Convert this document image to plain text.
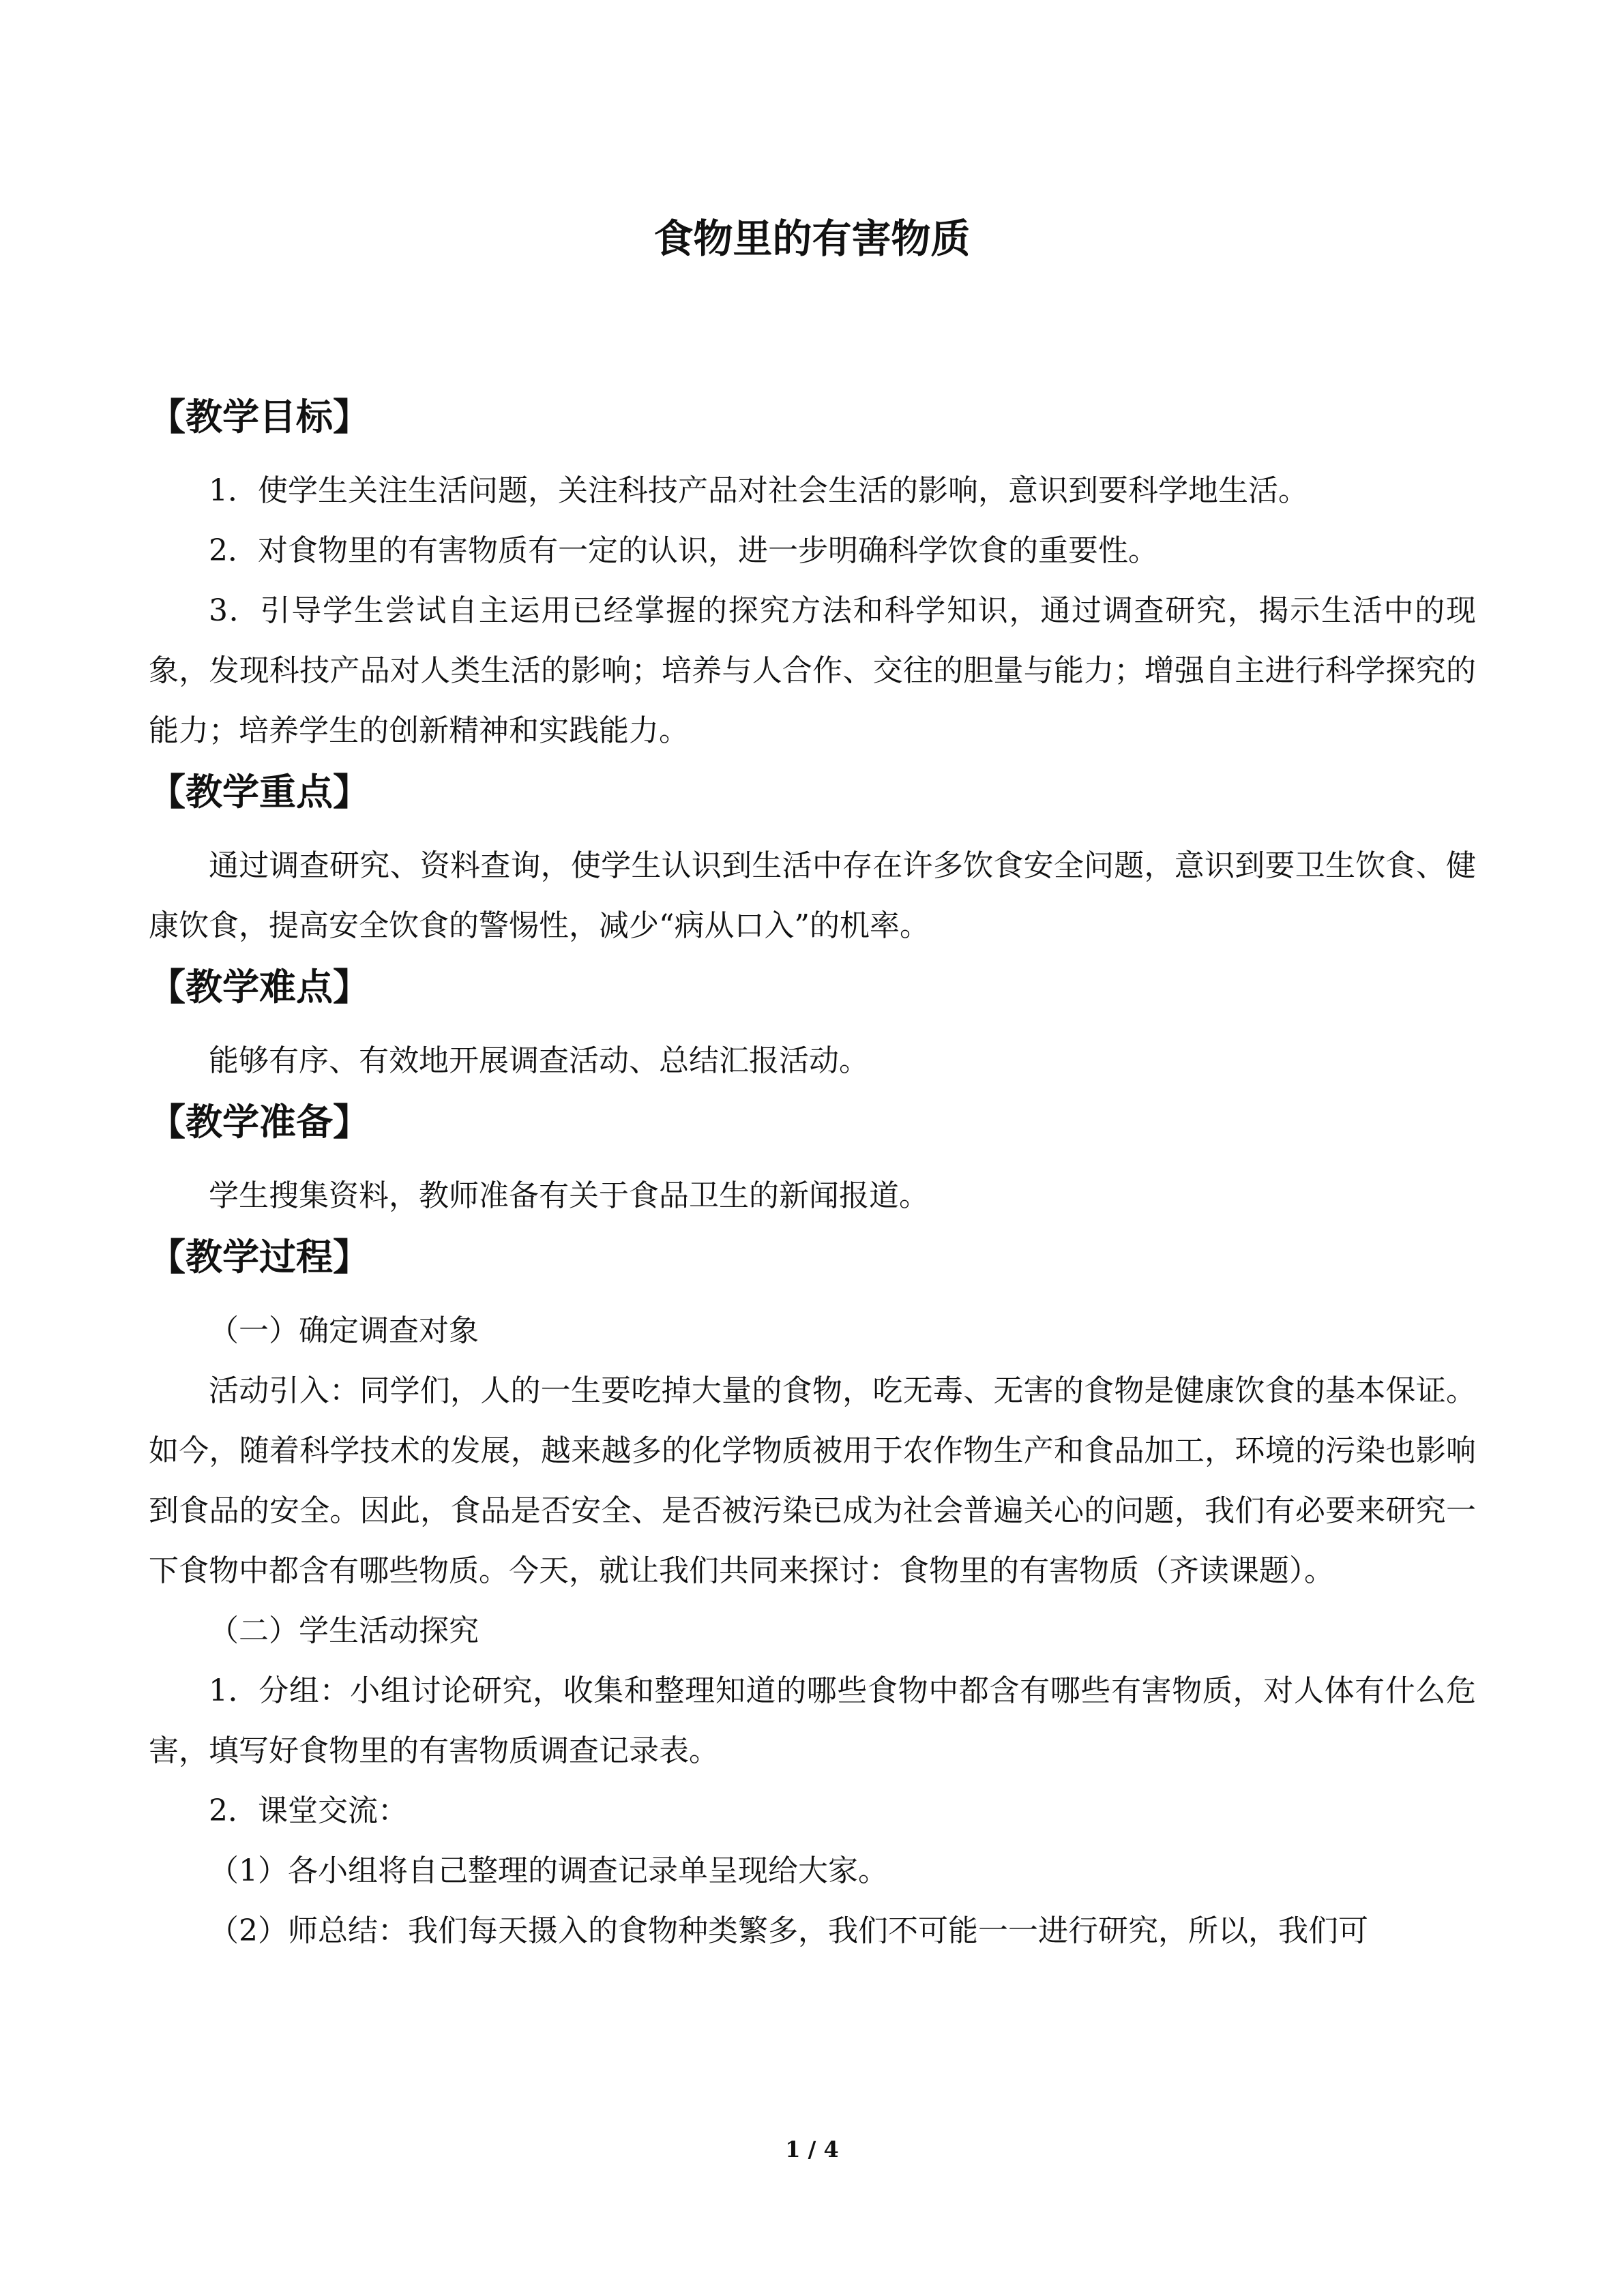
食物里的有害物质
【教学目标】

1．使学生关注生活问题，关注科技产品对社会生活的影响，意识到要科学地生活。

2．对食物里的有害物质有一定的认识，进一步明确科学饮食的重要性。

3．引导学生尝试自主运用已经掌握的探究方法和科学知识，通过调查研究，揭示生活中的现象，发现科技产品对人类生活的影响；培养与人合作、交往的胆量与能力；增强自主进行科学探究的能力；培养学生的创新精神和实践能力。

【教学重点】

通过调查研究、资料查询，使学生认识到生活中存在许多饮食安全问题，意识到要卫生饮食、健康饮食，提高安全饮食的警惕性，减少“病从口入”的机率。

【教学难点】

能够有序、有效地开展调查活动、总结汇报活动。

【教学准备】

学生搜集资料，教师准备有关于食品卫生的新闻报道。

【教学过程】

（一）确定调查对象

活动引入：同学们，人的一生要吃掉大量的食物，吃无毒、无害的食物是健康饮食的基本保证。如今，随着科学技术的发展，越来越多的化学物质被用于农作物生产和食品加工，环境的污染也影响到食品的安全。因此，食品是否安全、是否被污染已成为社会普遍关心的问题，我们有必要来研究一下食物中都含有哪些物质。今天，就让我们共同来探讨：食物里的有害物质（齐读课题）。

（二）学生活动探究

1．分组：小组讨论研究，收集和整理知道的哪些食物中都含有哪些有害物质，对人体有什么危害，填写好食物里的有害物质调查记录表。

2．课堂交流：

（1）各小组将自己整理的调查记录单呈现给大家。

（2）师总结：我们每天摄入的食物种类繁多，我们不可能一一进行研究，所以，我们可

1 / 4
